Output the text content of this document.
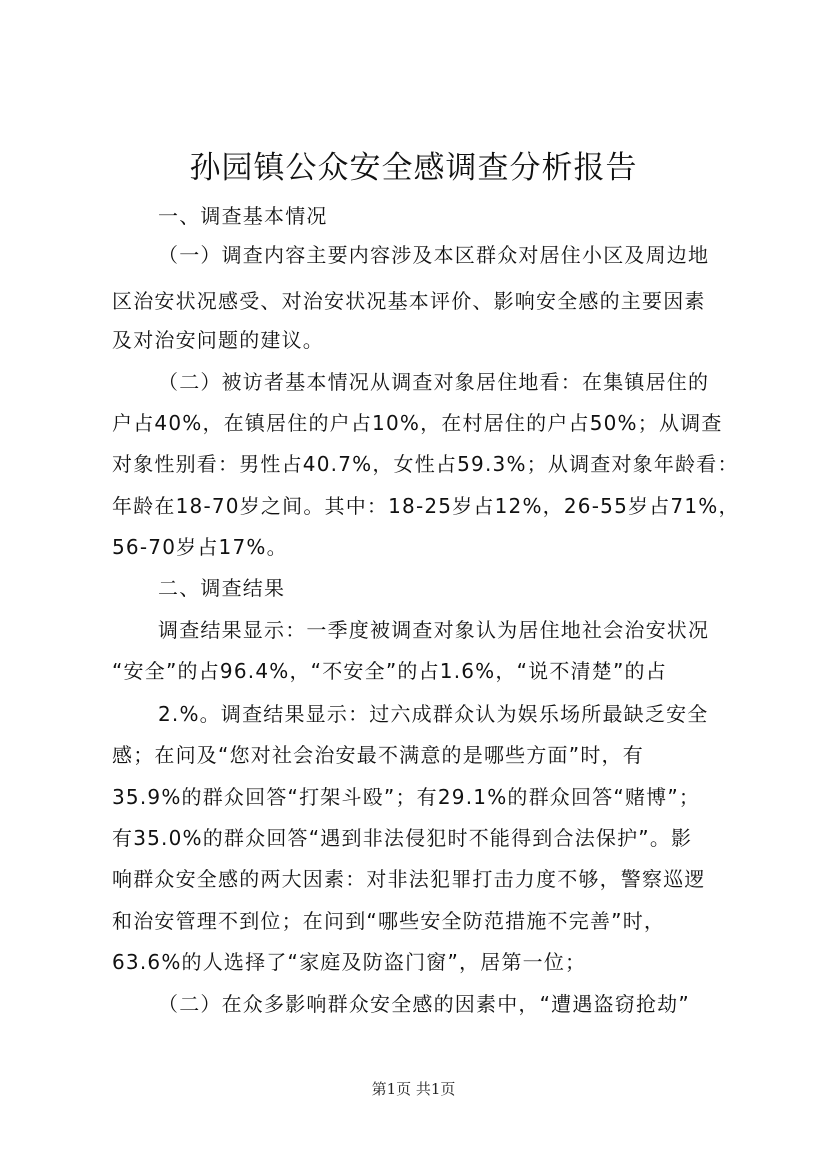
孙园镇公众安全感调查分析报告
一、调查基本情况
（一）调查内容主要内容涉及本区群众对居住小区及周边地
区治安状况感受、对治安状况基本评价、影响安全感的主要因素
及对治安问题的建议。
（二）被访者基本情况从调查对象居住地看：在集镇居住的
户占40%，在镇居住的户占10%，在村居住的户占50%；从调查
对象性别看：男性占40.7%，女性占59.3%；从调查对象年龄看：
年龄在18-70岁之间。其中：18-25岁占12%，26-55岁占71%，
56-70岁占17%。
二、调查结果
调查结果显示：一季度被调查对象认为居住地社会治安状况
“安全”的占96.4%，“不安全”的占1.6%，“说不清楚”的占
2.%。调查结果显示：过六成群众认为娱乐场所最缺乏安全
感；在问及“您对社会治安最不满意的是哪些方面”时，有
35.9%的群众回答“打架斗殴”；有29.1%的群众回答“赌博”；
有35.0%的群众回答“遇到非法侵犯时不能得到合法保护”。影
响群众安全感的两大因素：对非法犯罪打击力度不够，警察巡逻
和治安管理不到位；在问到“哪些安全防范措施不完善”时，
63.6%的人选择了“家庭及防盗门窗”，居第一位；
（二）在众多影响群众安全感的因素中，“遭遇盗窃抢劫”
第1页 共1页
